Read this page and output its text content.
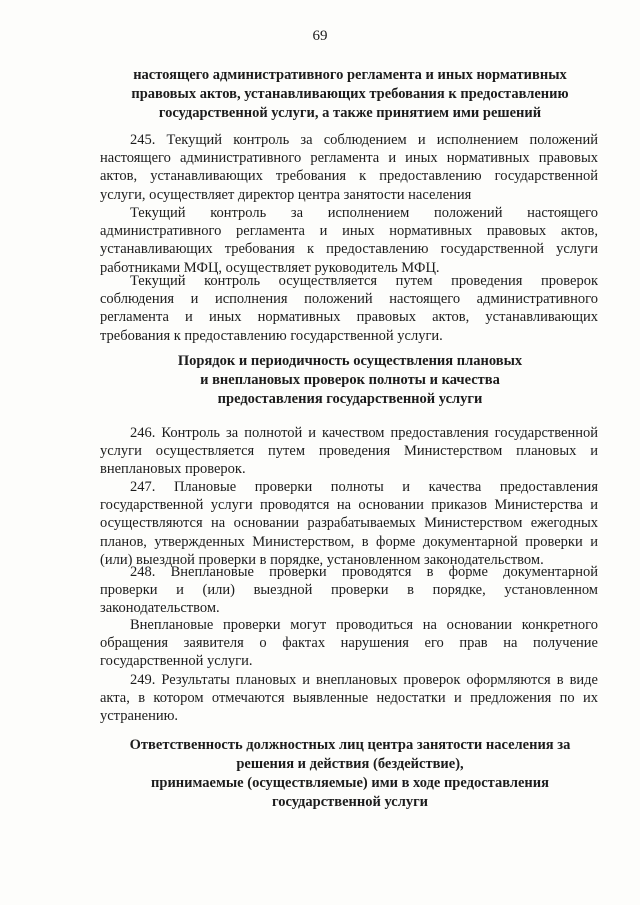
69
настоящего административного регламента и иных нормативных
правовых актов, устанавливающих требования к предоставлению
государственной услуги, а также принятием ими решений
245. Текущий контроль за соблюдением и исполнением положений
настоящего административного регламента и иных нормативных правовых
актов, устанавливающих требования к предоставлению государственной
услуги, осуществляет директор центра занятости населения
Текущий контроль за исполнением положений настоящего
административного регламента и иных нормативных правовых актов,
устанавливающих требования к предоставлению государственной услуги
работниками МФЦ, осуществляет руководитель МФЦ.
Текущий контроль осуществляется путем проведения проверок
соблюдения и исполнения положений настоящего административного
регламента и иных нормативных правовых актов, устанавливающих
требования к предоставлению государственной услуги.
Порядок и периодичность осуществления плановых
и внеплановых проверок полноты и качества
предоставления государственной услуги
246. Контроль за полнотой и качеством предоставления государственной
услуги осуществляется путем проведения Министерством плановых и
внеплановых проверок.
247. Плановые проверки полноты и качества предоставления
государственной услуги проводятся на основании приказов Министерства и
осуществляются на основании разрабатываемых Министерством ежегодных
планов, утвержденных Министерством, в форме документарной проверки и
(или) выездной проверки в порядке, установленном законодательством.
248. Внеплановые проверки проводятся в форме документарной
проверки и (или) выездной проверки в порядке, установленном
законодательством.
Внеплановые проверки могут проводиться на основании конкретного
обращения заявителя о фактах нарушения его прав на получение
государственной услуги.
249. Результаты плановых и внеплановых проверок оформляются в виде
акта, в котором отмечаются выявленные недостатки и предложения по их
устранению.
Ответственность должностных лиц центра занятости населения за
решения и действия (бездействие),
принимаемые (осуществляемые) ими в ходе предоставления
государственной услуги
